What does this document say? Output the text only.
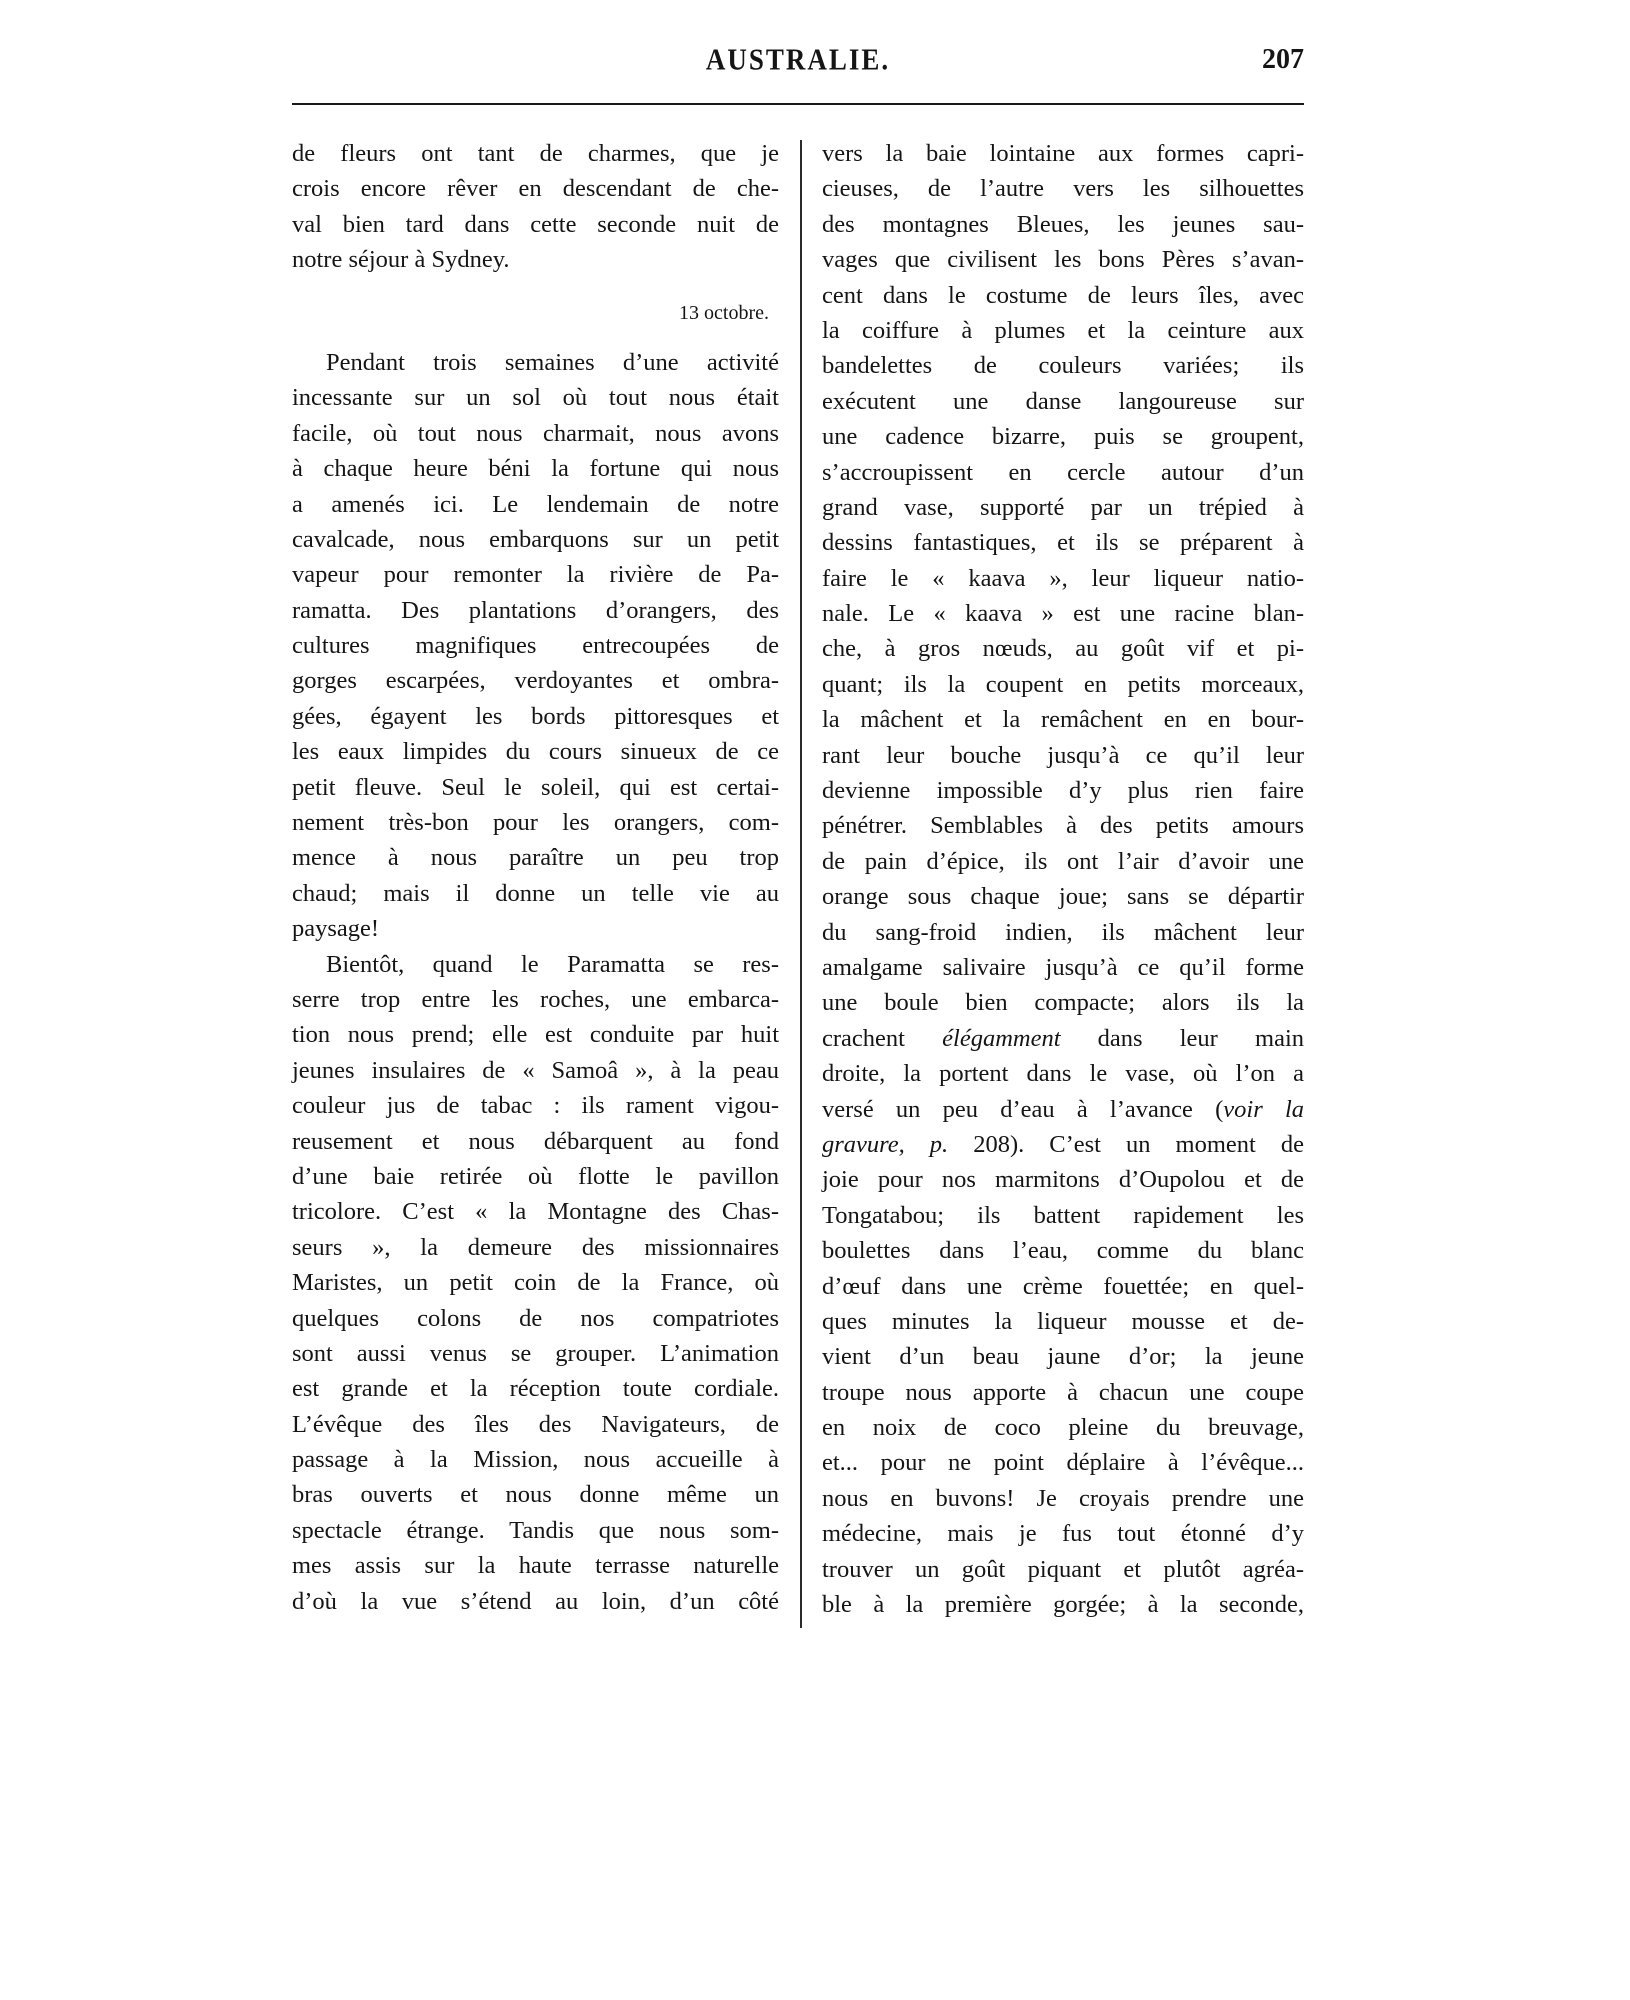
AUSTRALIE.	207
de fleurs ont tant de charmes, que je
crois encore rêver en descendant de che-
val bien tard dans cette seconde nuit de
notre séjour à Sydney.
13 octobre.
Pendant trois semaines d’une activité
incessante sur un sol où tout nous était
facile, où tout nous charmait, nous avons
à chaque heure béni la fortune qui nous
a amenés ici. Le lendemain de notre
cavalcade, nous embarquons sur un petit
vapeur pour remonter la rivière de Pa-
ramatta. Des plantations d’orangers, des
cultures magnifiques entrecoupées de
gorges escarpées, verdoyantes et ombra-
gées, égayent les bords pittoresques et
les eaux limpides du cours sinueux de ce
petit fleuve. Seul le soleil, qui est certai-
nement très-bon pour les orangers, com-
mence à nous paraître un peu trop
chaud; mais il donne un telle vie au
paysage!
Bientôt, quand le Paramatta se res-
serre trop entre les roches, une embarca-
tion nous prend; elle est conduite par huit
jeunes insulaires de « Samoâ », à la peau
couleur jus de tabac : ils rament vigou-
reusement et nous débarquent au fond
d’une baie retirée où flotte le pavillon
tricolore. C’est « la Montagne des Chas-
seurs », la demeure des missionnaires
Maristes, un petit coin de la France, où
quelques colons de nos compatriotes
sont aussi venus se grouper. L’animation
est grande et la réception toute cordiale.
L’évêque des îles des Navigateurs, de
passage à la Mission, nous accueille à
bras ouverts et nous donne même un
spectacle étrange. Tandis que nous som-
mes assis sur la haute terrasse naturelle
d’où la vue s’étend au loin, d’un côté
vers la baie lointaine aux formes capri-
cieuses, de l’autre vers les silhouettes
des montagnes Bleues, les jeunes sau-
vages que civilisent les bons Pères s’avan-
cent dans le costume de leurs îles, avec
la coiffure à plumes et la ceinture aux
bandelettes de couleurs variées; ils
exécutent une danse langoureuse sur
une cadence bizarre, puis se groupent,
s’accroupissent en cercle autour d’un
grand vase, supporté par un trépied à
dessins fantastiques, et ils se préparent à
faire le « kaava », leur liqueur natio-
nale. Le « kaava » est une racine blan-
che, à gros nœuds, au goût vif et pi-
quant; ils la coupent en petits morceaux,
la mâchent et la remâchent en en bour-
rant leur bouche jusqu’à ce qu’il leur
devienne impossible d’y plus rien faire
pénétrer. Semblables à des petits amours
de pain d’épice, ils ont l’air d’avoir une
orange sous chaque joue; sans se départir
du sang-froid indien, ils mâchent leur
amalgame salivaire jusqu’à ce qu’il forme
une boule bien compacte; alors ils la
crachent élégamment dans leur main
droite, la portent dans le vase, où l’on a
versé un peu d’eau à l’avance (voir la
gravure, p. 208). C’est un moment de
joie pour nos marmitons d’Oupolou et de
Tongatabou; ils battent rapidement les
boulettes dans l’eau, comme du blanc
d’œuf dans une crème fouettée; en quel-
ques minutes la liqueur mousse et de-
vient d’un beau jaune d’or; la jeune
troupe nous apporte à chacun une coupe
en noix de coco pleine du breuvage,
et... pour ne point déplaire à l’évêque...
nous en buvons! Je croyais prendre une
médecine, mais je fus tout étonné d’y
trouver un goût piquant et plutôt agréa-
ble à la première gorgée; à la seconde,
